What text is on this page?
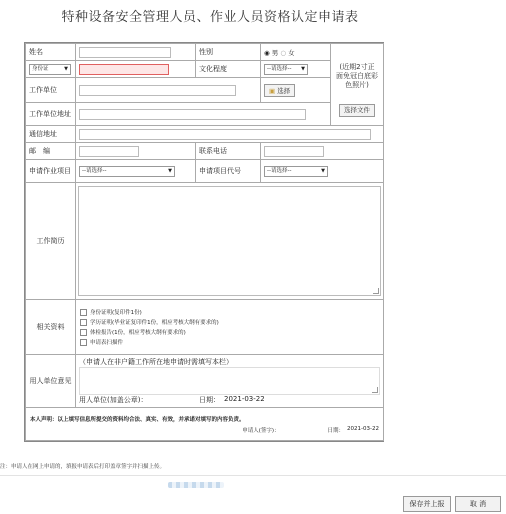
特种设备安全管理人员、作业人员资格认定申请表
姓名		性别	◉ 男 ○ 女	(近期2寸正面免冠白底彩色照片)
选择文件

身份证 ▼		文化程度	--请选择-- ▼	

工作单位			▣ 选择	
工作单位地址				

通信地址				

邮　编		联系电话		

申请作业项目	--请选择-- ▼	申请项目代号	--请选择-- ▼	

工作简历				

相关资料	身份证明(复印件1份)
学历证明(毕业证复印件1份，相应考核大纲有要求的)
体检报告(1份，相应考核大纲有要求的)
申请表扫描件			

用人单位意见	（申请人在非户籍工作所在地申请时需填写本栏）
用人单位(加盖公章)： 日期： 2021-03-22			

本人声明：以上填写信息所提交的资料均合法、真实、有效，并承诺对填写的内容负责。
申请人(签字)： 日期： 2021-03-22				
注：申请人在网上申请的，填报申请表后打印盖章签字并扫描上传。
保存并上报	取 消
